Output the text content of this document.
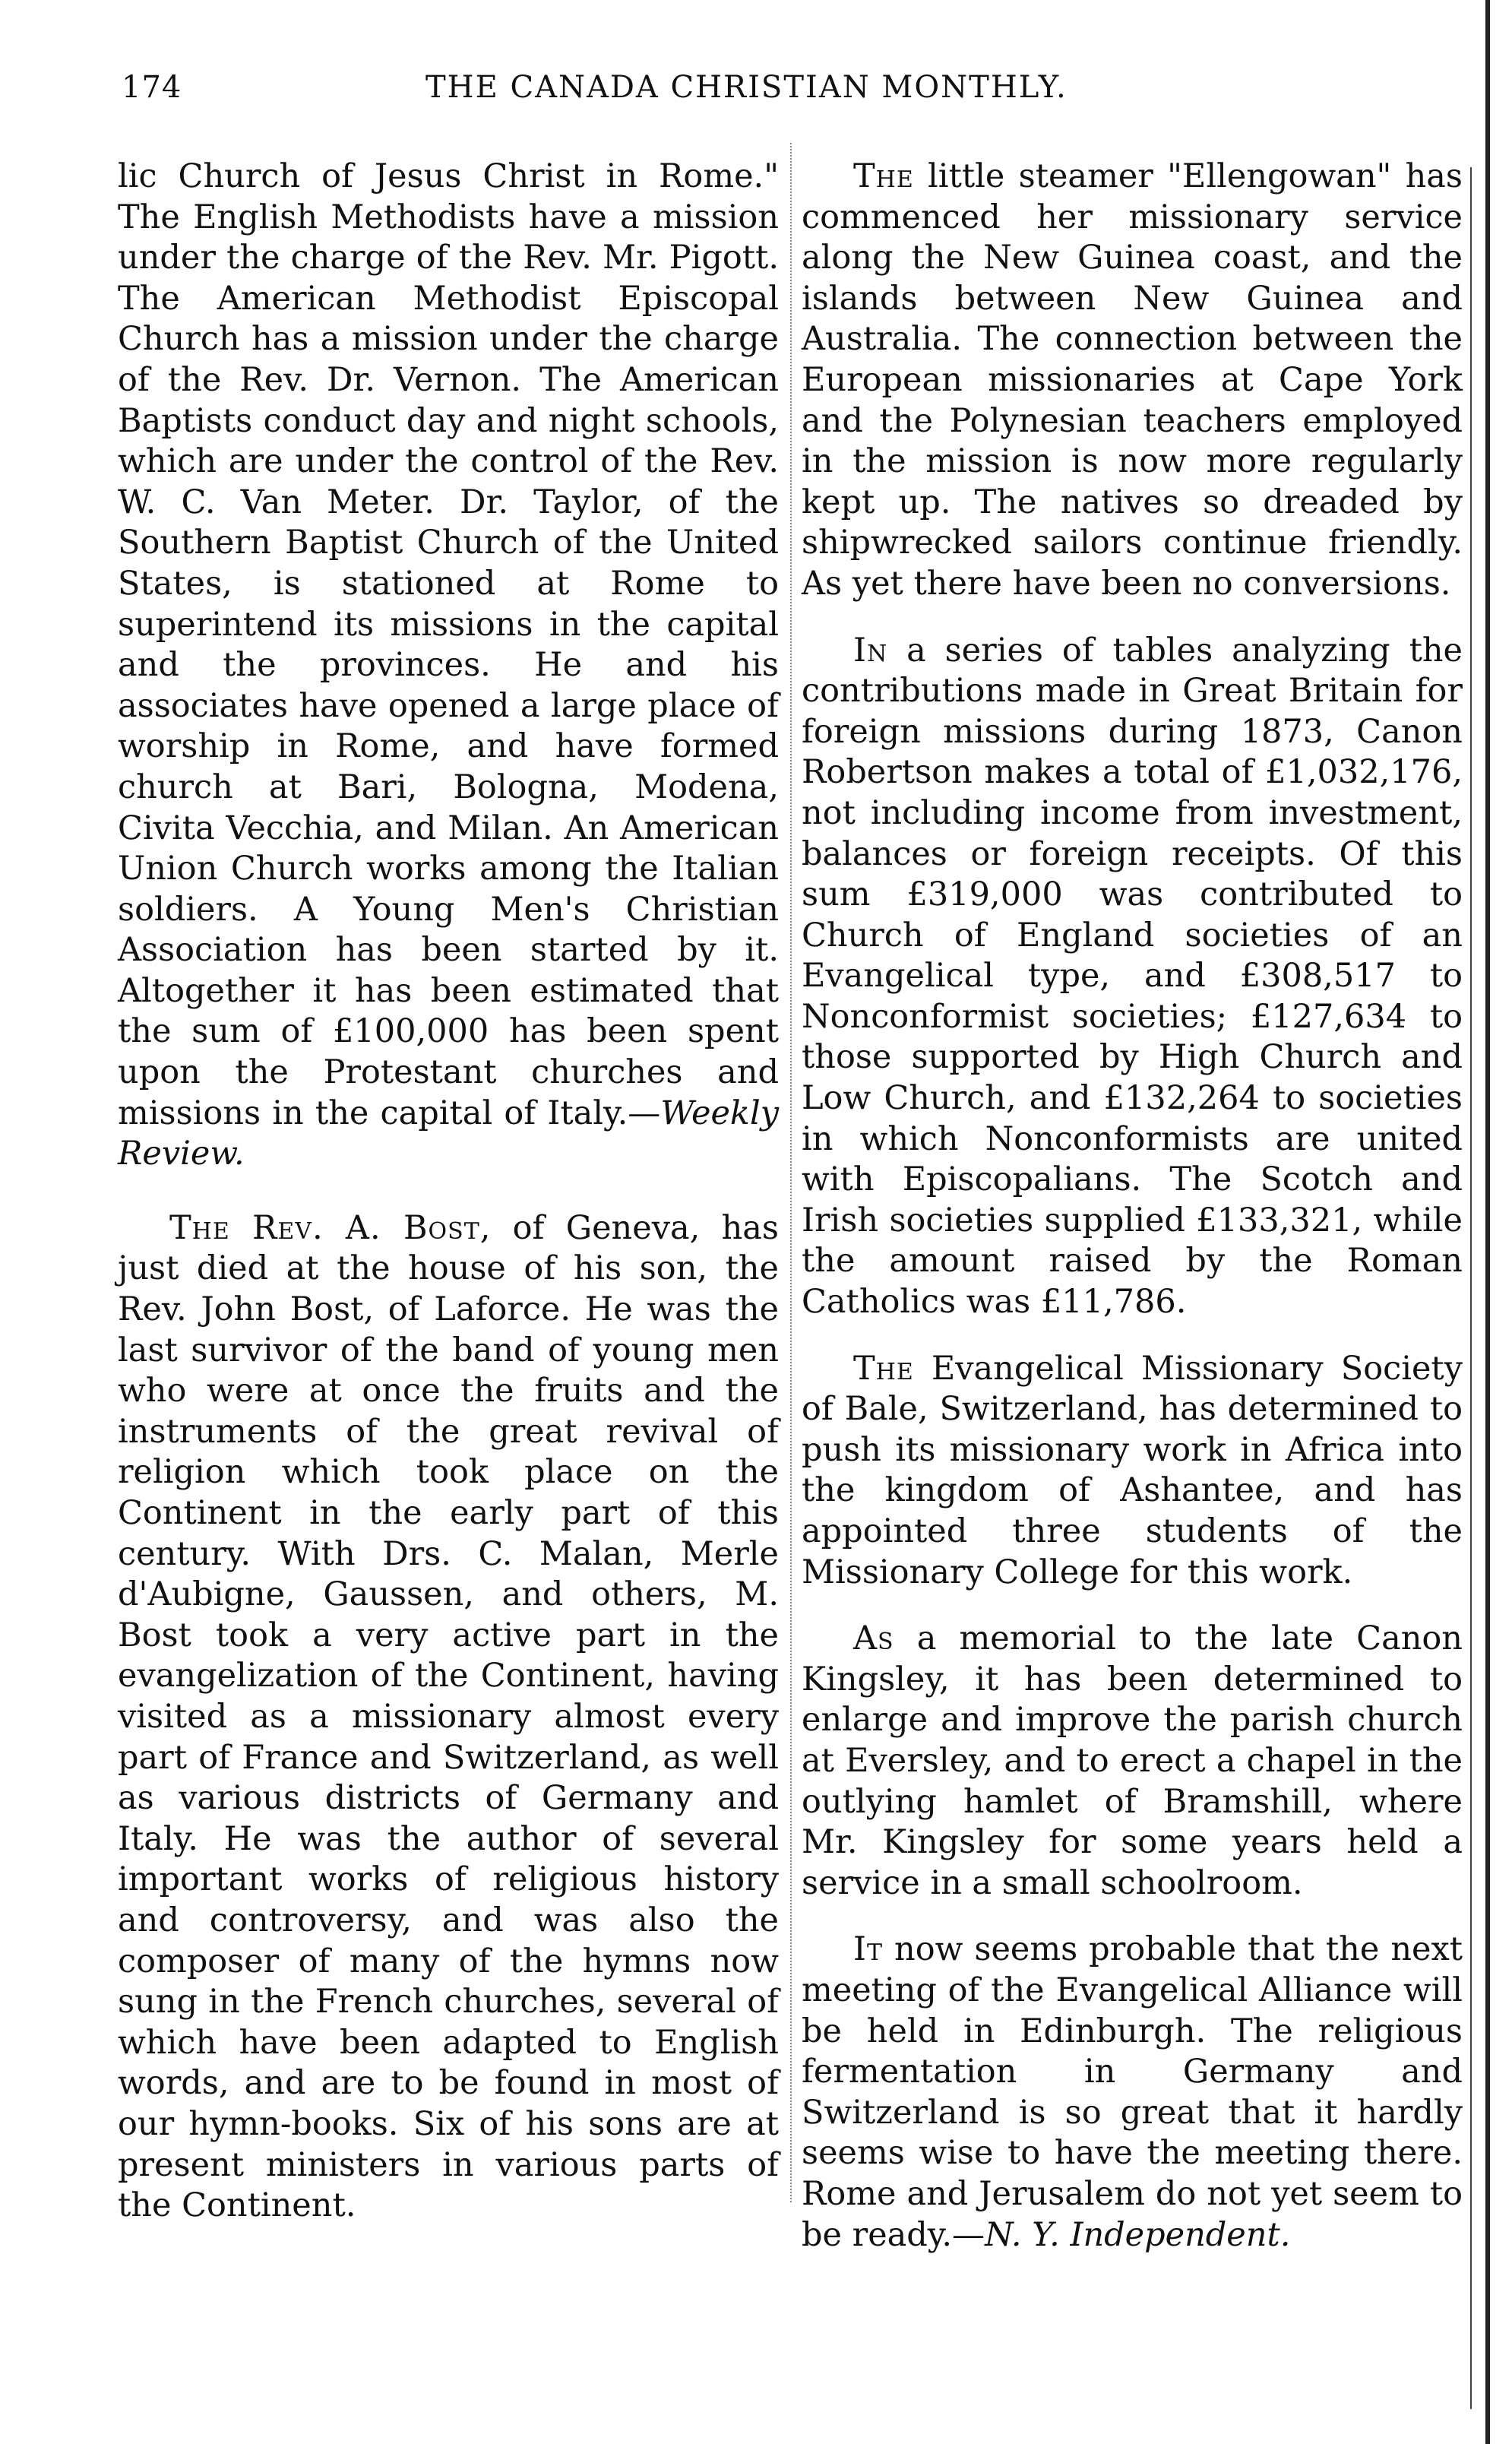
174	THE CANADA CHRISTIAN MONTHLY.

lic Church of Jesus Christ in Rome." The English Methodists have a mission under the charge of the Rev. Mr. Pigott. The American Methodist Episcopal Church has a mission under the charge of the Rev. Dr. Vernon. The American Baptists conduct day and night schools, which are under the control of the Rev. W. C. Van Meter. Dr. Taylor, of the Southern Baptist Church of the United States, is stationed at Rome to superintend its missions in the capital and the provinces. He and his associates have opened a large place of worship in Rome, and have formed church at Bari, Bologna, Modena, Civita Vecchia, and Milan. An American Union Church works among the Italian soldiers. A Young Men's Christian Association has been started by it. Altogether it has been estimated that the sum of £100,000 has been spent upon the Protestant churches and missions in the capital of Italy.—Weekly Review.

The Rev. A. Bost, of Geneva, has just died at the house of his son, the Rev. John Bost, of Laforce. He was the last survivor of the band of young men who were at once the fruits and the instruments of the great revival of religion which took place on the Continent in the early part of this century. With Drs. C. Malan, Merle d'Aubigne, Gaussen, and others, M. Bost took a very active part in the evangelization of the Continent, having visited as a missionary almost every part of France and Switzerland, as well as various districts of Germany and Italy. He was the author of several important works of religious history and controversy, and was also the composer of many of the hymns now sung in the French churches, several of which have been adapted to English words, and are to be found in most of our hymn-books. Six of his sons are at present ministers in various parts of the Continent.

The little steamer "Ellengowan" has commenced her missionary service along the New Guinea coast, and the islands between New Guinea and Australia. The connection between the European missionaries at Cape York and the Polynesian teachers employed in the mission is now more regularly kept up. The natives so dreaded by shipwrecked sailors continue friendly. As yet there have been no conversions.

In a series of tables analyzing the contributions made in Great Britain for foreign missions during 1873, Canon Robertson makes a total of £1,032,176, not including income from investment, balances or foreign receipts. Of this sum £319,000 was contributed to Church of England societies of an Evangelical type, and £308,517 to Nonconformist societies; £127,634 to those supported by High Church and Low Church, and £132,264 to societies in which Nonconformists are united with Episcopalians. The Scotch and Irish societies supplied £133,321, while the amount raised by the Roman Catholics was £11,786.

The Evangelical Missionary Society of Bale, Switzerland, has determined to push its missionary work in Africa into the kingdom of Ashantee, and has appointed three students of the Missionary College for this work.

As a memorial to the late Canon Kingsley, it has been determined to enlarge and improve the parish church at Eversley, and to erect a chapel in the outlying hamlet of Bramshill, where Mr. Kingsley for some years held a service in a small schoolroom.

It now seems probable that the next meeting of the Evangelical Alliance will be held in Edinburgh. The religious fermentation in Germany and Switzerland is so great that it hardly seems wise to have the meeting there. Rome and Jerusalem do not yet seem to be ready.—N. Y. Independent.
